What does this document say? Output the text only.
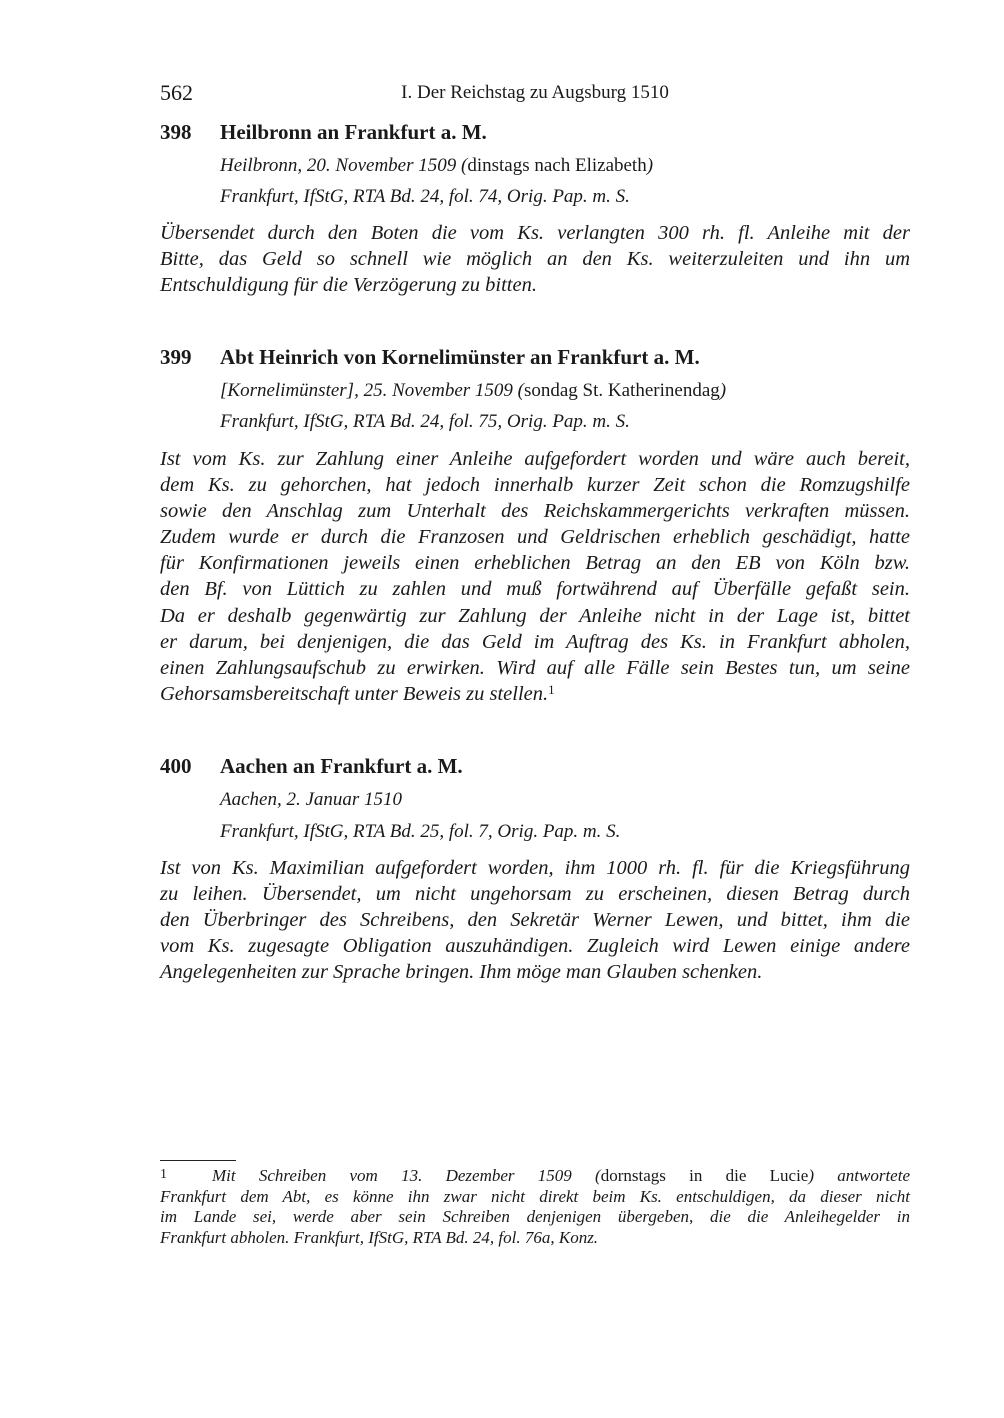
562	I. Der Reichstag zu Augsburg 1510
398 Heilbronn an Frankfurt a. M.
Heilbronn, 20. November 1509 (dinstags nach Elizabeth)
Frankfurt, IfStG, RTA Bd. 24, fol. 74, Orig. Pap. m. S.
Übersendet durch den Boten die vom Ks. verlangten 300 rh. fl. Anleihe mit der
Bitte, das Geld so schnell wie möglich an den Ks. weiterzuleiten und ihn um
Entschuldigung für die Verzögerung zu bitten.
399 Abt Heinrich von Kornelimünster an Frankfurt a. M.
[Kornelimünster], 25. November 1509 (sondag St. Katherinendag)
Frankfurt, IfStG, RTA Bd. 24, fol. 75, Orig. Pap. m. S.
Ist vom Ks. zur Zahlung einer Anleihe aufgefordert worden und wäre auch bereit,
dem Ks. zu gehorchen, hat jedoch innerhalb kurzer Zeit schon die Romzugshilfe
sowie den Anschlag zum Unterhalt des Reichskammergerichts verkraften müssen.
Zudem wurde er durch die Franzosen und Geldrischen erheblich geschädigt, hatte
für Konfirmationen jeweils einen erheblichen Betrag an den EB von Köln bzw.
den Bf. von Lüttich zu zahlen und muß fortwährend auf Überfälle gefaßt sein.
Da er deshalb gegenwärtig zur Zahlung der Anleihe nicht in der Lage ist, bittet
er darum, bei denjenigen, die das Geld im Auftrag des Ks. in Frankfurt abholen,
einen Zahlungsaufschub zu erwirken. Wird auf alle Fälle sein Bestes tun, um seine
Gehorsamsbereitschaft unter Beweis zu stellen.$^1$
400 Aachen an Frankfurt a. M.
Aachen, 2. Januar 1510
Frankfurt, IfStG, RTA Bd. 25, fol. 7, Orig. Pap. m. S.
Ist von Ks. Maximilian aufgefordert worden, ihm 1000 rh. fl. für die Kriegsführung
zu leihen. Übersendet, um nicht ungehorsam zu erscheinen, diesen Betrag durch
den Überbringer des Schreibens, den Sekretär Werner Lewen, und bittet, ihm die
vom Ks. zugesagte Obligation auszuhändigen. Zugleich wird Lewen einige andere
Angelegenheiten zur Sprache bringen. Ihm möge man Glauben schenken.
1	Mit Schreiben vom 13. Dezember 1509 (dornstags in die Lucie) antwortete
Frankfurt dem Abt, es könne ihn zwar nicht direkt beim Ks. entschuldigen, da dieser nicht
im Lande sei, werde aber sein Schreiben denjenigen übergeben, die die Anleihegelder in
Frankfurt abholen. Frankfurt, IfStG, RTA Bd. 24, fol. 76a, Konz.
